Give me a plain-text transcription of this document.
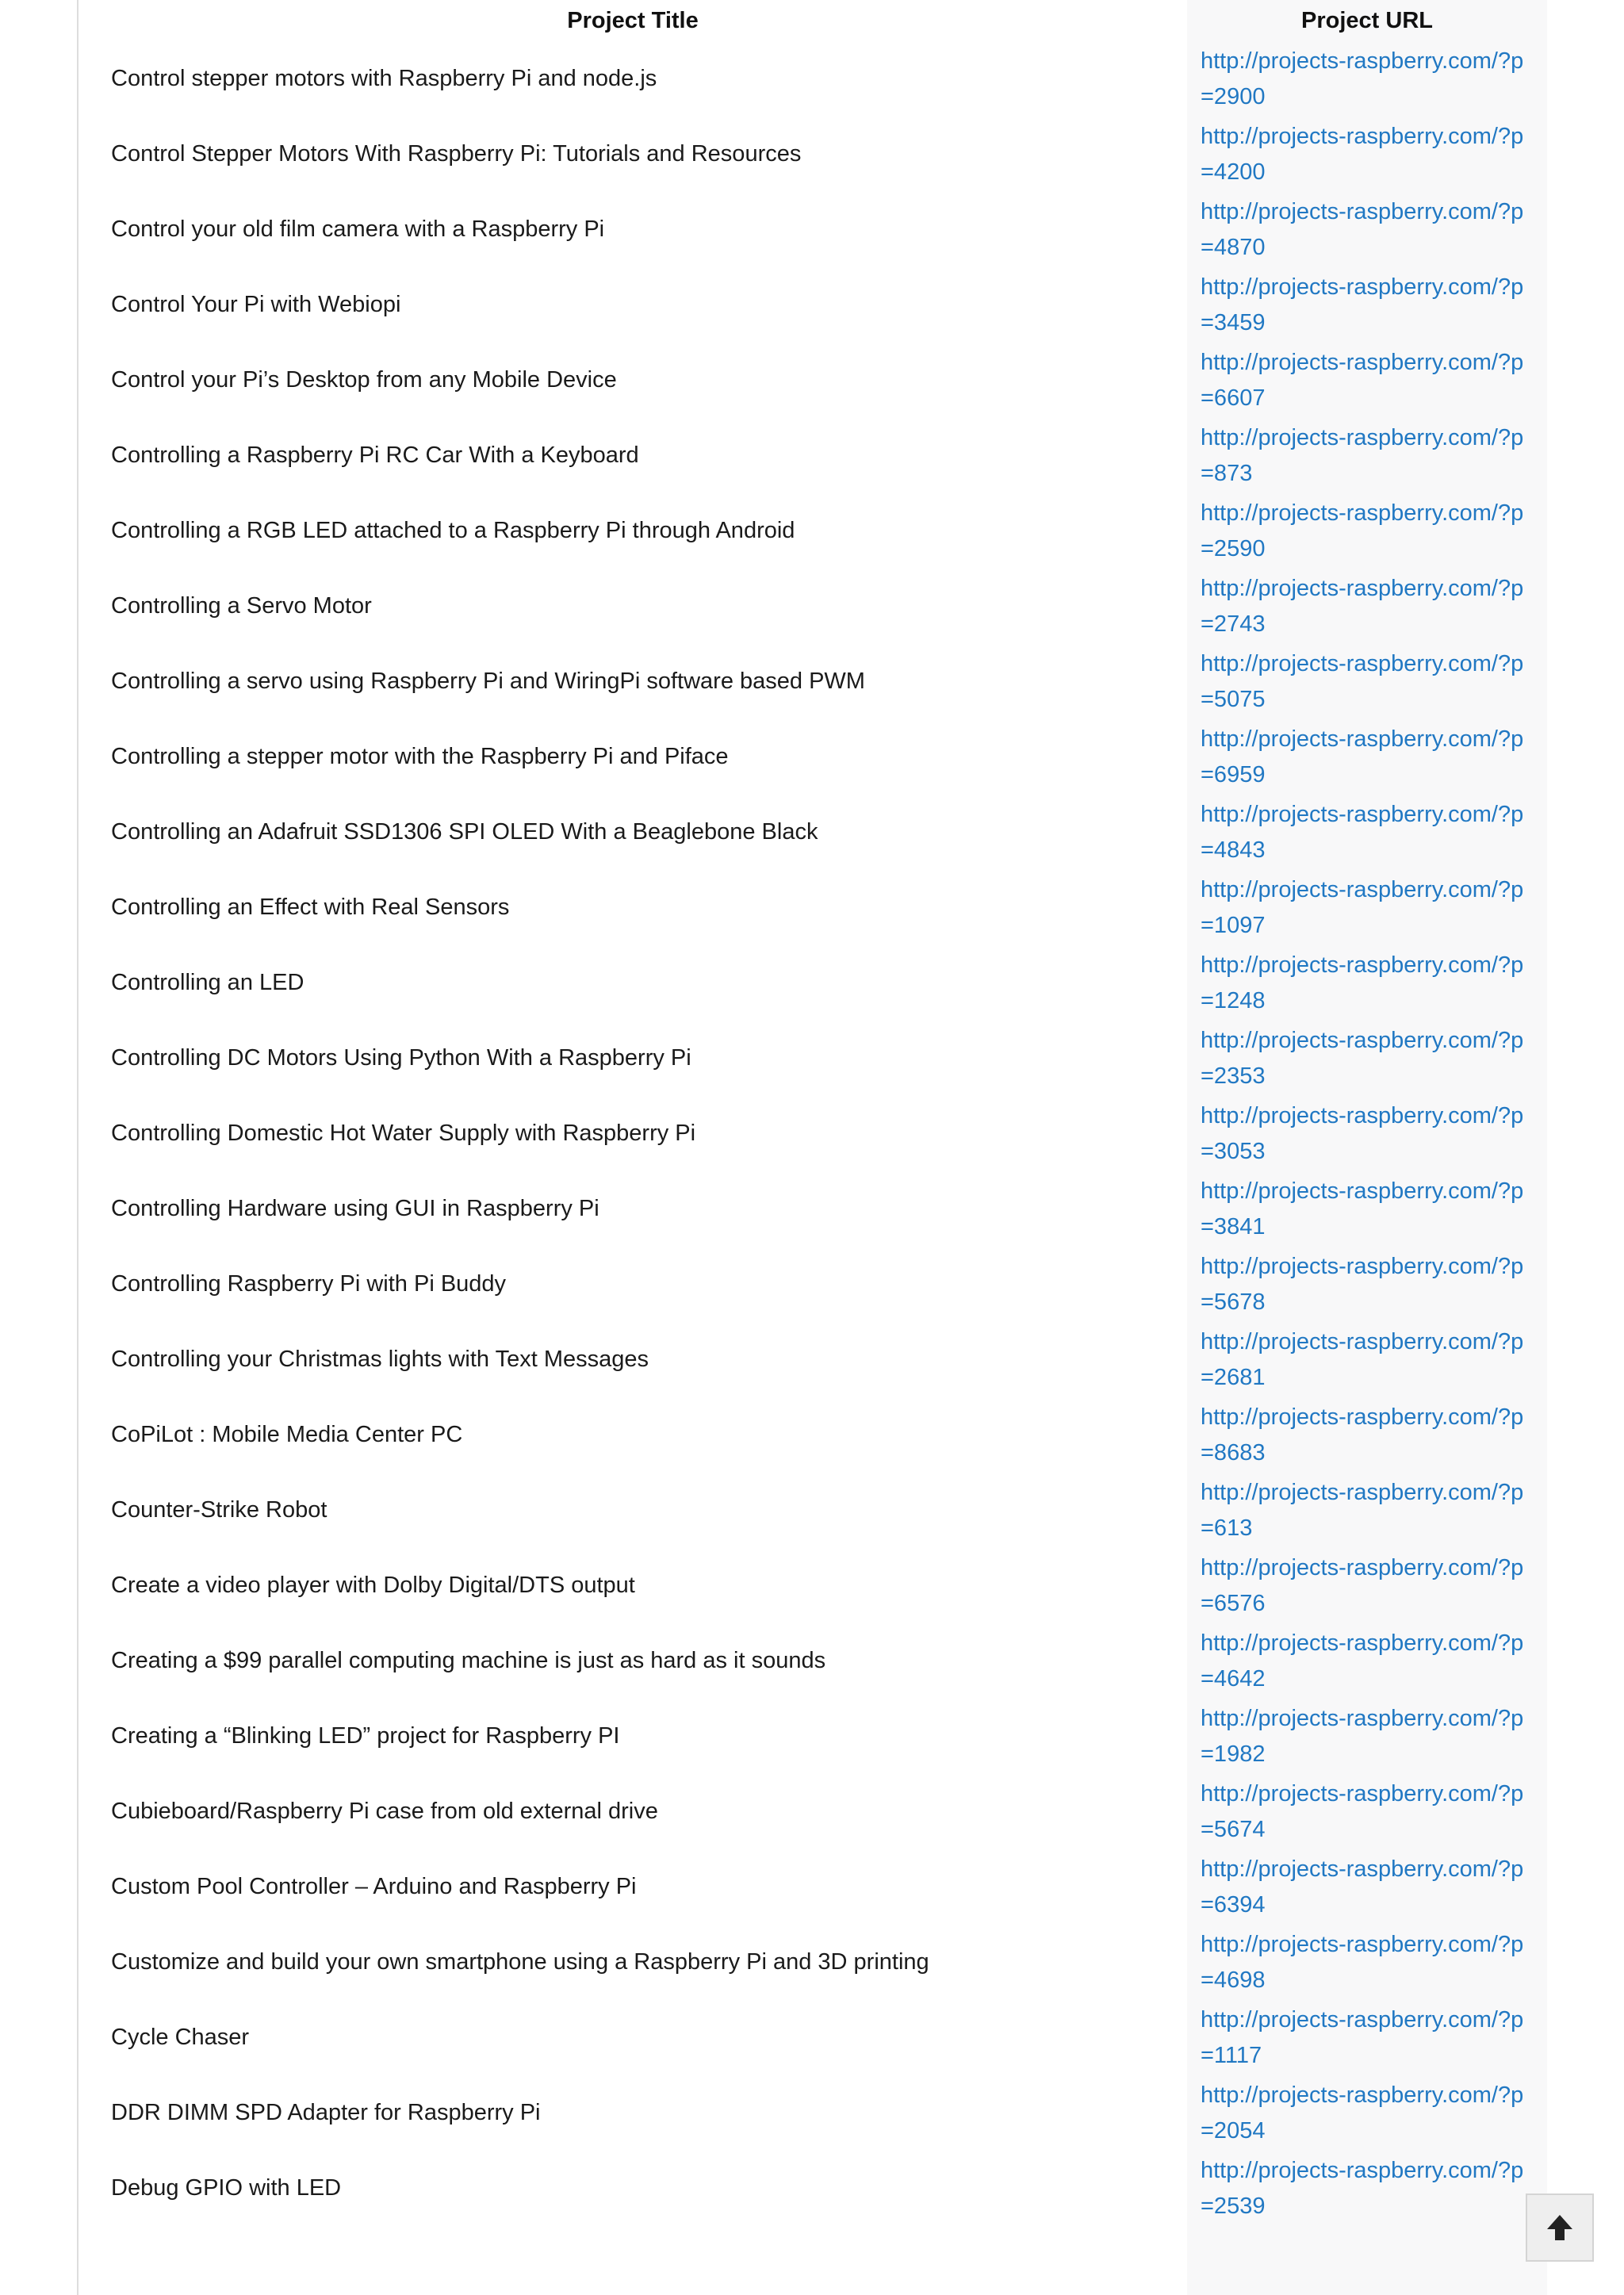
Project Title	Project URL
Control stepper motors with Raspberry Pi and node.js	http://projects-raspberry.com/?p=2900

Control Stepper Motors With Raspberry Pi: Tutorials and Resources	http://projects-raspberry.com/?p=4200

Control your old film camera with a Raspberry Pi	http://projects-raspberry.com/?p=4870

Control Your Pi with Webiopi	http://projects-raspberry.com/?p=3459

Control your Pi’s Desktop from any Mobile Device	http://projects-raspberry.com/?p=6607

Controlling a Raspberry Pi RC Car With a Keyboard	http://projects-raspberry.com/?p=873

Controlling a RGB LED attached to a Raspberry Pi through Android	http://projects-raspberry.com/?p=2590

Controlling a Servo Motor	http://projects-raspberry.com/?p=2743

Controlling a servo using Raspberry Pi and WiringPi software based PWM	http://projects-raspberry.com/?p=5075

Controlling a stepper motor with the Raspberry Pi and Piface	http://projects-raspberry.com/?p=6959

Controlling an Adafruit SSD1306 SPI OLED With a Beaglebone Black	http://projects-raspberry.com/?p=4843

Controlling an Effect with Real Sensors	http://projects-raspberry.com/?p=1097

Controlling an LED	http://projects-raspberry.com/?p=1248

Controlling DC Motors Using Python With a Raspberry Pi	http://projects-raspberry.com/?p=2353

Controlling Domestic Hot Water Supply with Raspberry Pi	http://projects-raspberry.com/?p=3053

Controlling Hardware using GUI in Raspberry Pi	http://projects-raspberry.com/?p=3841

Controlling Raspberry Pi with Pi Buddy	http://projects-raspberry.com/?p=5678

Controlling your Christmas lights with Text Messages	http://projects-raspberry.com/?p=2681

CoPiLot : Mobile Media Center PC	http://projects-raspberry.com/?p=8683

Counter-Strike Robot	http://projects-raspberry.com/?p=613

Create a video player with Dolby Digital/DTS output	http://projects-raspberry.com/?p=6576

Creating a $99 parallel computing machine is just as hard as it sounds	http://projects-raspberry.com/?p=4642

Creating a “Blinking LED” project for Raspberry PI	http://projects-raspberry.com/?p=1982

Cubieboard/Raspberry Pi case from old external drive	http://projects-raspberry.com/?p=5674

Custom Pool Controller – Arduino and Raspberry Pi	http://projects-raspberry.com/?p=6394

Customize and build your own smartphone using a Raspberry Pi and 3D printing	http://projects-raspberry.com/?p=4698

Cycle Chaser	http://projects-raspberry.com/?p=1117

DDR DIMM SPD Adapter for Raspberry Pi	http://projects-raspberry.com/?p=2054

Debug GPIO with LED	http://projects-raspberry.com/?p=2539
